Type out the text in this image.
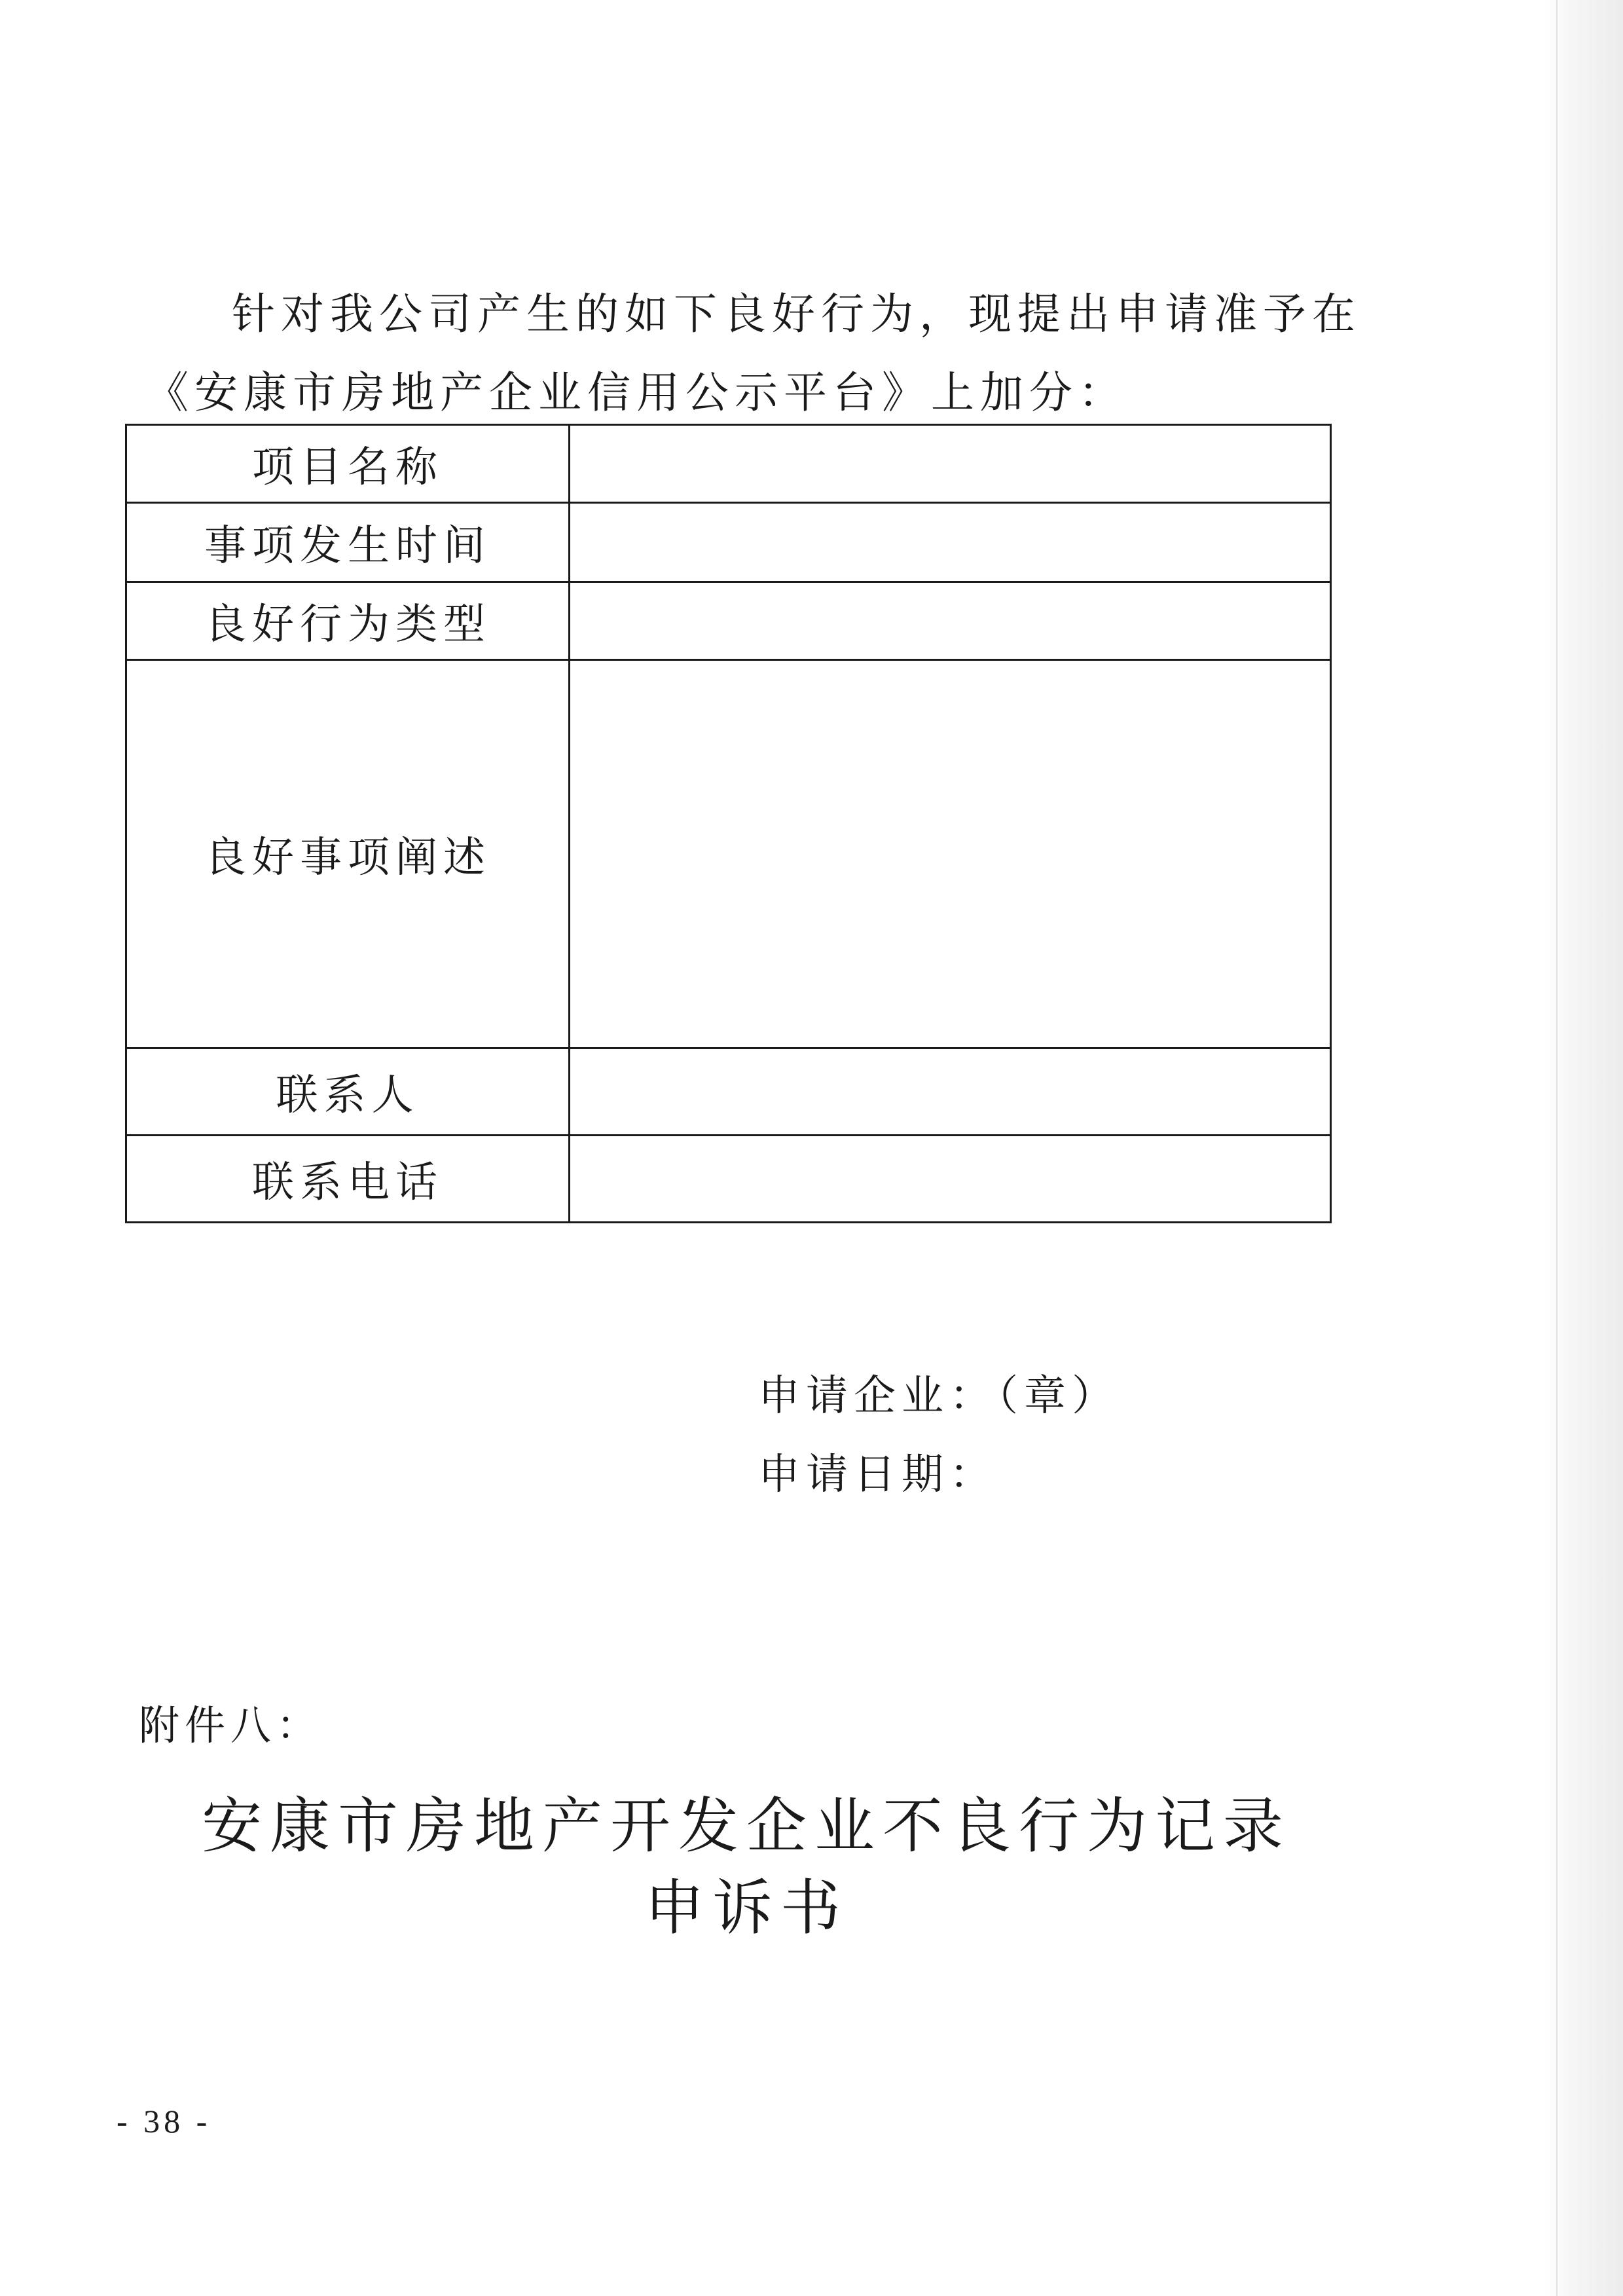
针对我公司产生的如下良好行为，现提出申请准予在《安康市房地产企业信用公示平台》上加分：

项目名称	
事项发生时间	
良好行为类型	
良好事项阐述	
联系人	
联系电话	
申请企业：（章）
申请日期：
附件八：
安康市房地产开发企业不良行为记录
申诉书
- 38 -
